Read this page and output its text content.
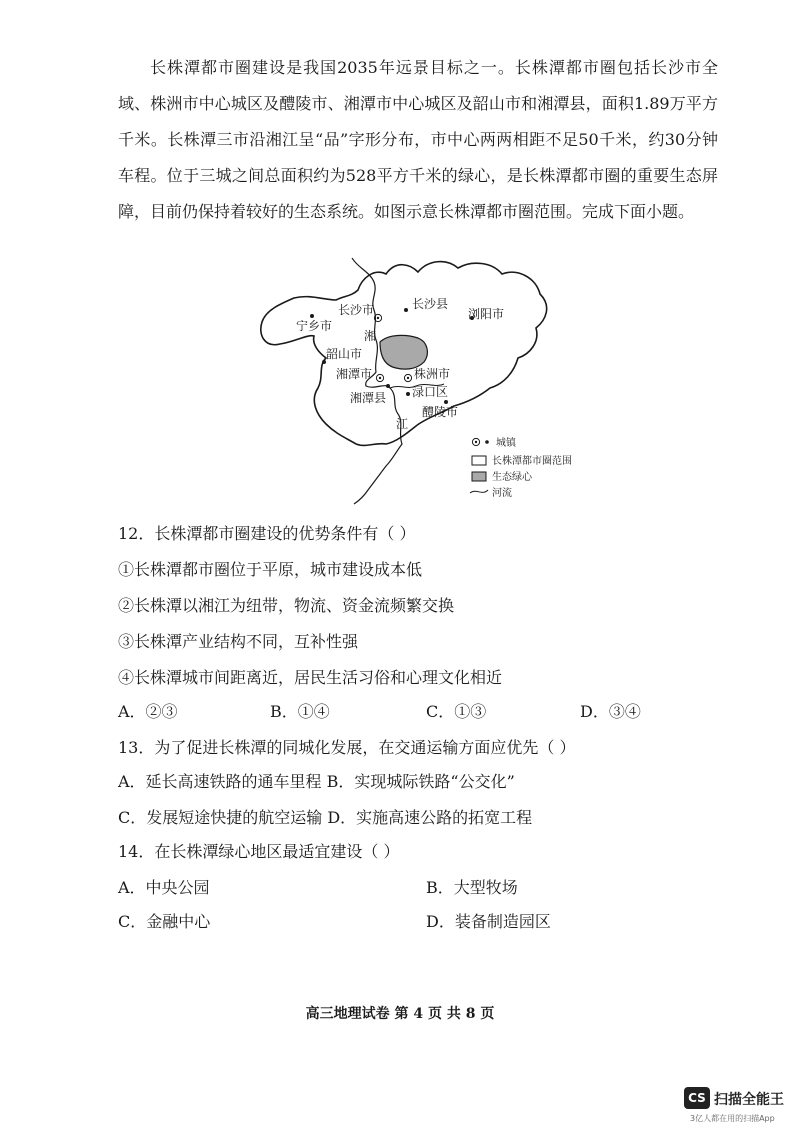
长株潭都市圈建设是我国2035年远景目标之一。长株潭都市圈包括长沙市全域、株洲市中心城区及醴陵市、湘潭市中心城区及韶山市和湘潭县，面积1.89万平方千米。长株潭三市沿湘江呈“品”字形分布，市中心两两相距不足50千米，约30分钟车程。位于三城之间总面积约为528平方千米的绿心，是长株潭都市圈的重要生态屏障，目前仍保持着较好的生态系统。如图示意长株潭都市圈范围。完成下面小题。

长沙市	长沙县
浏阳市
宁乡市
韶山市
湘潭市	株洲市
湘潭县 渌口区
醴陵市
湘
江
城镇
长株潭都市圈范围
生态绿心
河流
12．长株潭都市圈建设的优势条件有（ ）
①长株潭都市圈位于平原，城市建设成本低
②长株潭以湘江为纽带，物流、资金流频繁交换
③长株潭产业结构不同，互补性强
④长株潭城市间距离近，居民生活习俗和心理文化相近
A．②③	B．①④	C．①③	D．③④
13．为了促进长株潭的同城化发展，在交通运输方面应优先（ ）
A．延长高速铁路的通车里程 B．实现城际铁路“公交化”
C．发展短途快捷的航空运输 D．实施高速公路的拓宽工程
14．在长株潭绿心地区最适宜建设（ ）
A．中央公园	B．大型牧场
C．金融中心	D．装备制造园区
高三地理试卷 第 4 页 共 8 页
CS 扫描全能王
3亿人都在用的扫描App
